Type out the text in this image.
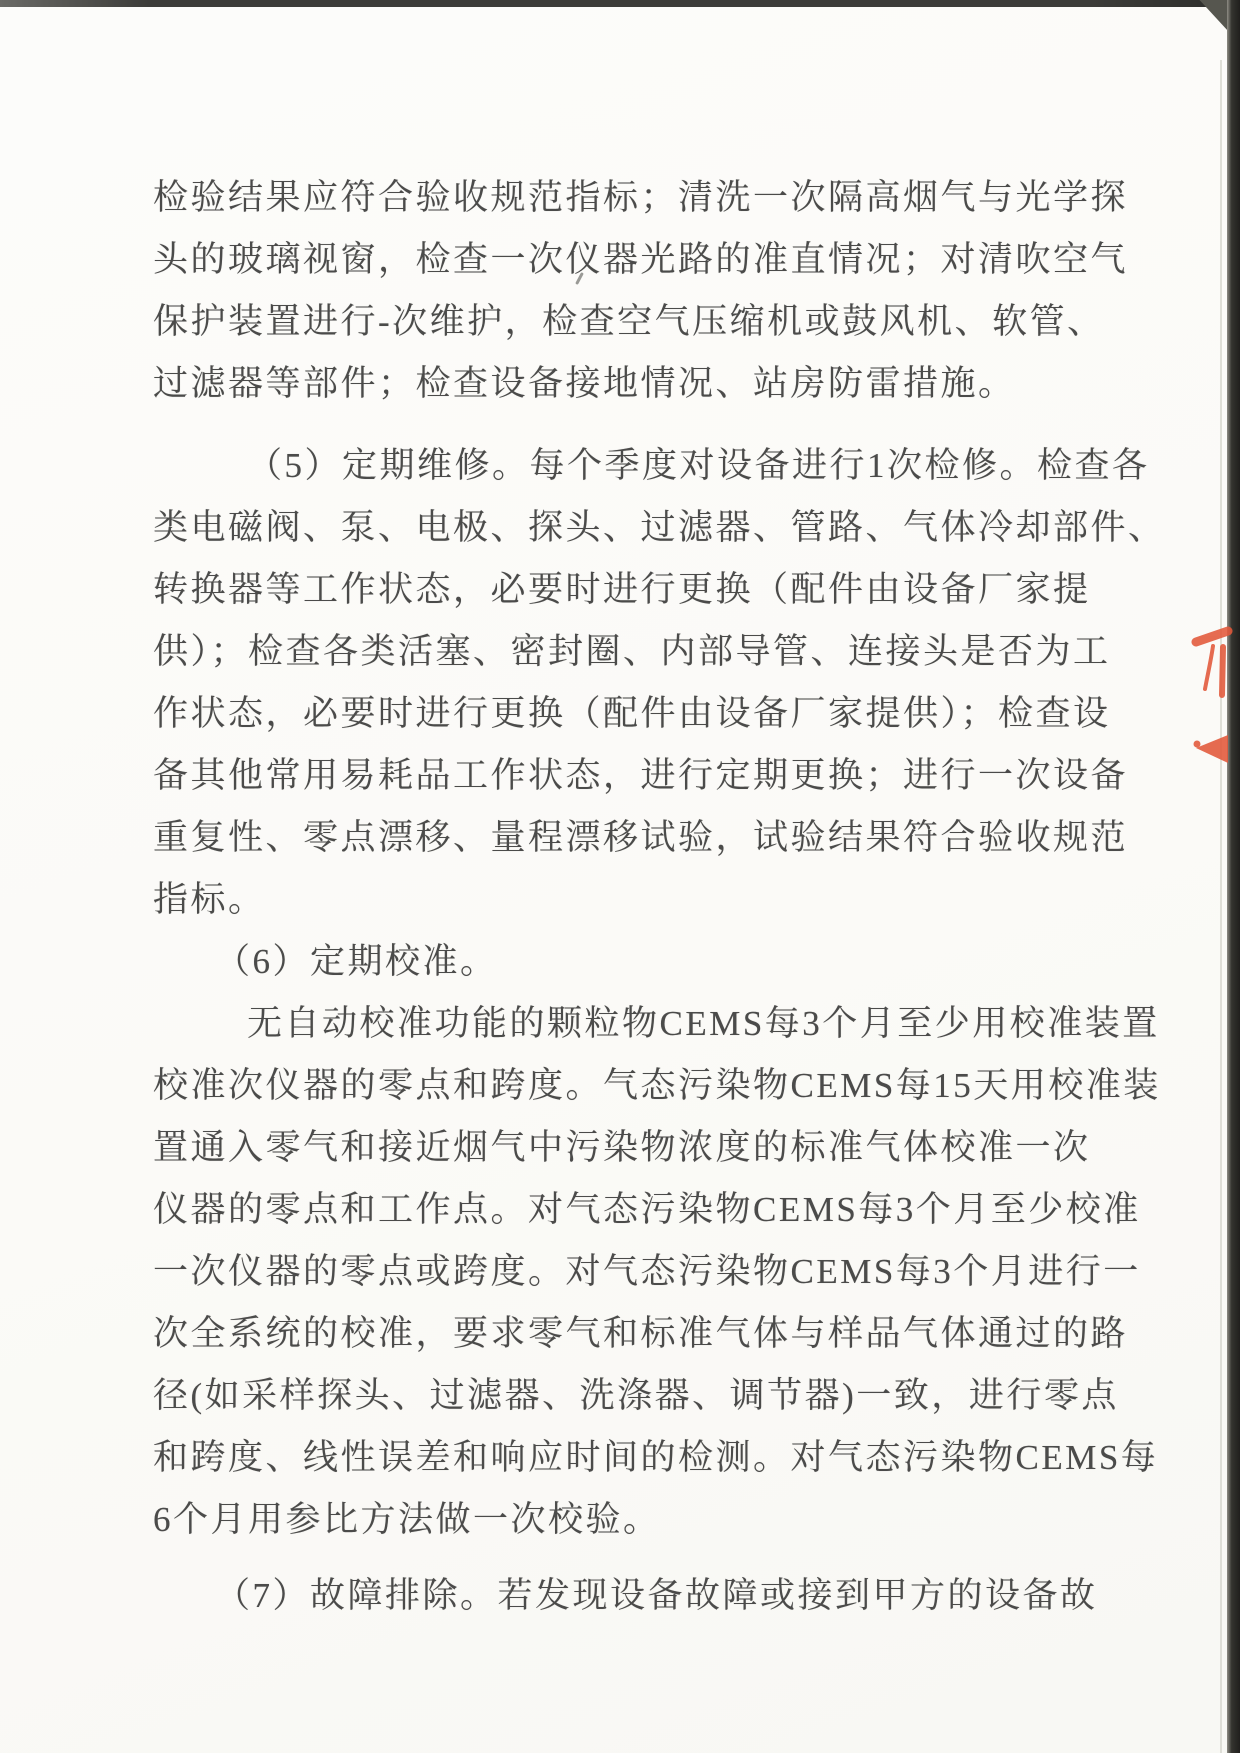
检验结果应符合验收规范指标；清洗一次隔高烟气与光学探
头的玻璃视窗，检查一次仪器光路的准直情况；对清吹空气
保护装置进行-次维护，检查空气压缩机或鼓风机、软管、
过滤器等部件；检查设备接地情况、站房防雷措施。
（5）定期维修。每个季度对设备进行1次检修。检查各
类电磁阀、泵、电极、探头、过滤器、管路、气体冷却部件、
转换器等工作状态，必要时进行更换（配件由设备厂家提
供）；检查各类活塞、密封圈、内部导管、连接头是否为工
作状态，必要时进行更换（配件由设备厂家提供）；检查设
备其他常用易耗品工作状态，进行定期更换；进行一次设备
重复性、零点漂移、量程漂移试验，试验结果符合验收规范
指标。
（6）定期校准。
无自动校准功能的颗粒物CEMS每3个月至少用校准装置
校准次仪器的零点和跨度。气态污染物CEMS每15天用校准装
置通入零气和接近烟气中污染物浓度的标准气体校准一次
仪器的零点和工作点。对气态污染物CEMS每3个月至少校准
一次仪器的零点或跨度。对气态污染物CEMS每3个月进行一
次全系统的校准，要求零气和标准气体与样品气体通过的路
径(如采样探头、过滤器、洗涤器、调节器)一致，进行零点
和跨度、线性误差和响应时间的检测。对气态污染物CEMS每
6个月用参比方法做一次校验。
（7）故障排除。若发现设备故障或接到甲方的设备故
